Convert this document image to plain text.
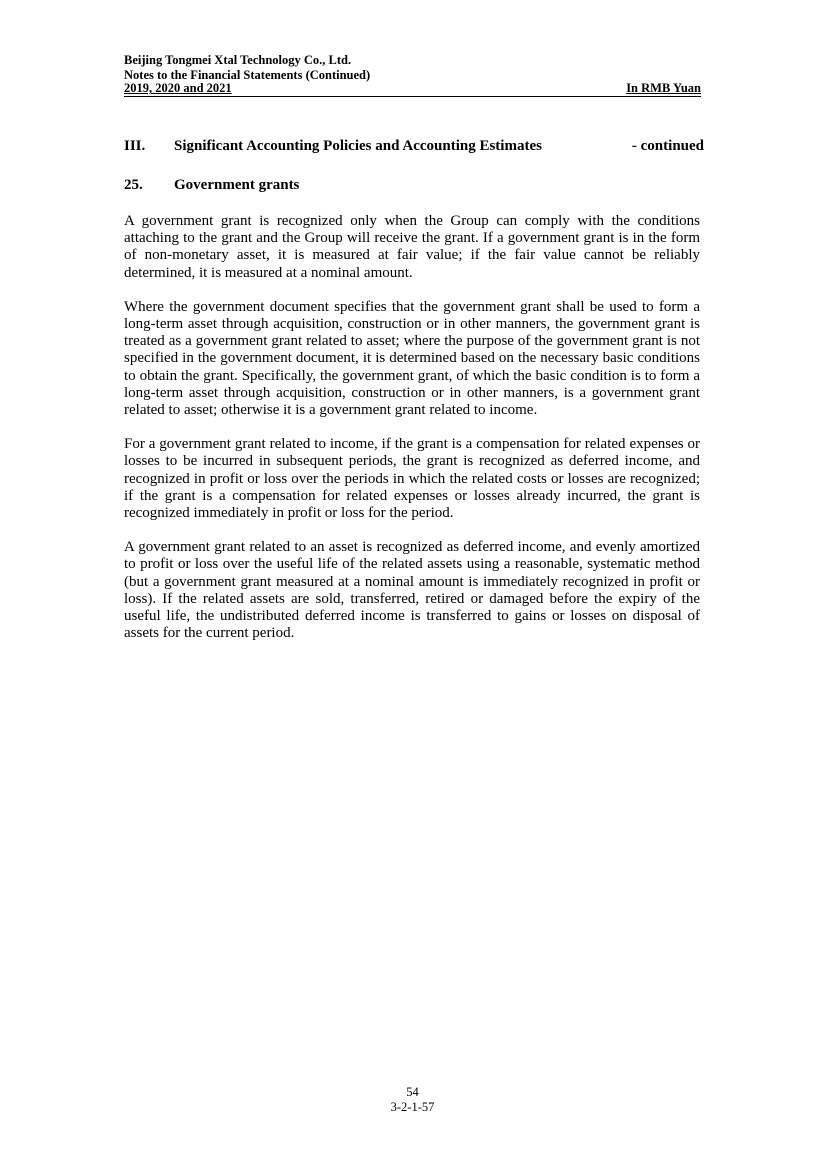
Beijing Tongmei Xtal Technology Co., Ltd.
Notes to the Financial Statements (Continued)
2019, 2020 and 2021	In RMB Yuan
III.	Significant Accounting Policies and Accounting Estimates	- continued
25.	Government grants

A government grant is recognized only when the Group can comply with the conditions attaching to the grant and the Group will receive the grant. If a government grant is in the form of non-monetary asset, it is measured at fair value; if the fair value cannot be reliably determined, it is measured at a nominal amount.

Where the government document specifies that the government grant shall be used to form a long-term asset through acquisition, construction or in other manners, the government grant is treated as a government grant related to asset; where the purpose of the government grant is not specified in the government document, it is determined based on the necessary basic conditions to obtain the grant. Specifically, the government grant, of which the basic condition is to form a long-term asset through acquisition, construction or in other manners, is a government grant related to asset; otherwise it is a government grant related to income.

For a government grant related to income, if the grant is a compensation for related expenses or losses to be incurred in subsequent periods, the grant is recognized as deferred income, and recognized in profit or loss over the periods in which the related costs or losses are recognized; if the grant is a compensation for related expenses or losses already incurred, the grant is recognized immediately in profit or loss for the period.

A government grant related to an asset is recognized as deferred income, and evenly amortized to profit or loss over the useful life of the related assets using a reasonable, systematic method (but a government grant measured at a nominal amount is immediately recognized in profit or loss). If the related assets are sold, transferred, retired or damaged before the expiry of the useful life, the undistributed deferred income is transferred to gains or losses on disposal of assets for the current period.

54
3-2-1-57
